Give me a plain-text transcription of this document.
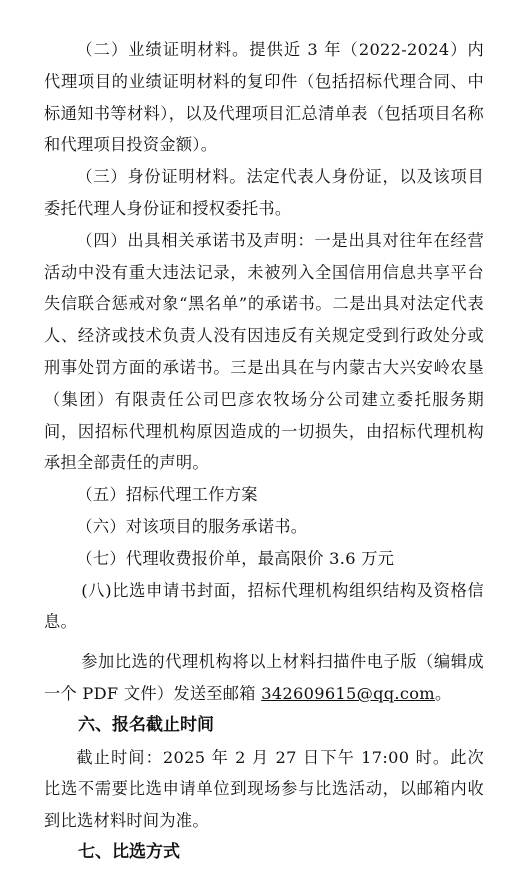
（二）业绩证明材料。提供近 3 年（2022-2024）内代理项目的业绩证明材料的复印件（包括招标代理合同、中标通知书等材料），以及代理项目汇总清单表（包括项目名称和代理项目投资金额）。

（三）身份证明材料。法定代表人身份证，以及该项目委托代理人身份证和授权委托书。

（四）出具相关承诺书及声明：一是出具对往年在经营活动中没有重大违法记录，未被列入全国信用信息共享平台失信联合惩戒对象“黑名单”的承诺书。二是出具对法定代表人、经济或技术负责人没有因违反有关规定受到行政处分或刑事处罚方面的承诺书。三是出具在与内蒙古大兴安岭农垦（集团）有限责任公司巴彦农牧场分公司建立委托服务期间，因招标代理机构原因造成的一切损失，由招标代理机构承担全部责任的声明。

（五）招标代理工作方案

（六）对该项目的服务承诺书。

（七）代理收费报价单，最高限价 3.6 万元

(八)比选申请书封面，招标代理机构组织结构及资格信息。

参加比选的代理机构将以上材料扫描件电子版（编辑成一个 PDF 文件）发送至邮箱 342609615@qq.com。

六、报名截止时间

截止时间：2025 年 2 月 27 日下午 17:00 时。此次比选不需要比选申请单位到现场参与比选活动，以邮箱内收到比选材料时间为准。

七、比选方式
